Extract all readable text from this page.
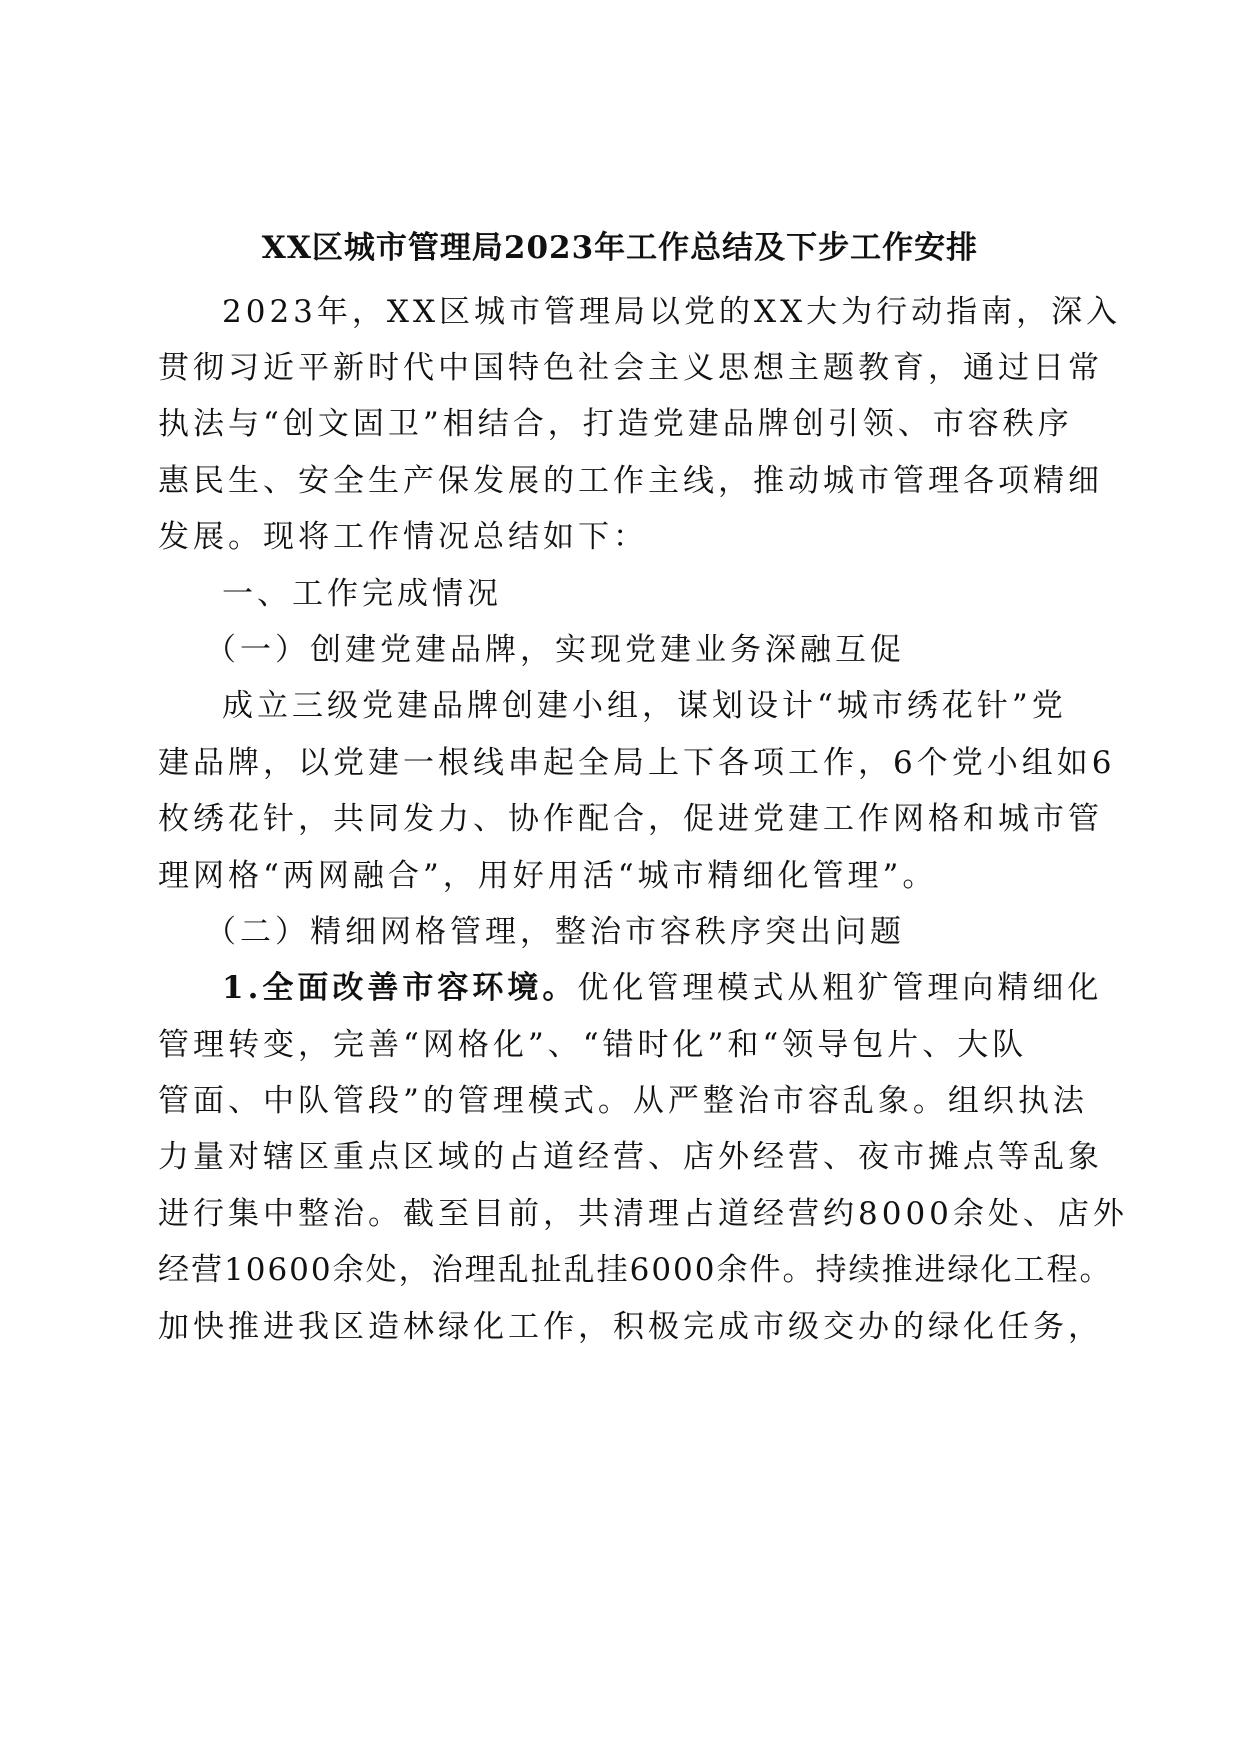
XX区城市管理局2023年工作总结及下步工作安排
2023年，XX区城市管理局以党的XX大为行动指南，深入
贯彻习近平新时代中国特色社会主义思想主题教育，通过日常
执法与“创文固卫”相结合，打造党建品牌创引领、市容秩序
惠民生、安全生产保发展的工作主线，推动城市管理各项精细
发展。现将工作情况总结如下：
一、工作完成情况
（一）创建党建品牌，实现党建业务深融互促
成立三级党建品牌创建小组，谋划设计“城市绣花针”党
建品牌，以党建一根线串起全局上下各项工作，6个党小组如6
枚绣花针，共同发力、协作配合，促进党建工作网格和城市管
理网格“两网融合”，用好用活“城市精细化管理”。
（二）精细网格管理，整治市容秩序突出问题
1.全面改善市容环境。优化管理模式从粗犷管理向精细化
管理转变，完善“网格化”、“错时化”和“领导包片、大队
管面、中队管段”的管理模式。从严整治市容乱象。组织执法
力量对辖区重点区域的占道经营、店外经营、夜市摊点等乱象
进行集中整治。截至目前，共清理占道经营约8000余处、店外
经营10600余处，治理乱扯乱挂6000余件。持续推进绿化工程。
加快推进我区造林绿化工作，积极完成市级交办的绿化任务，
